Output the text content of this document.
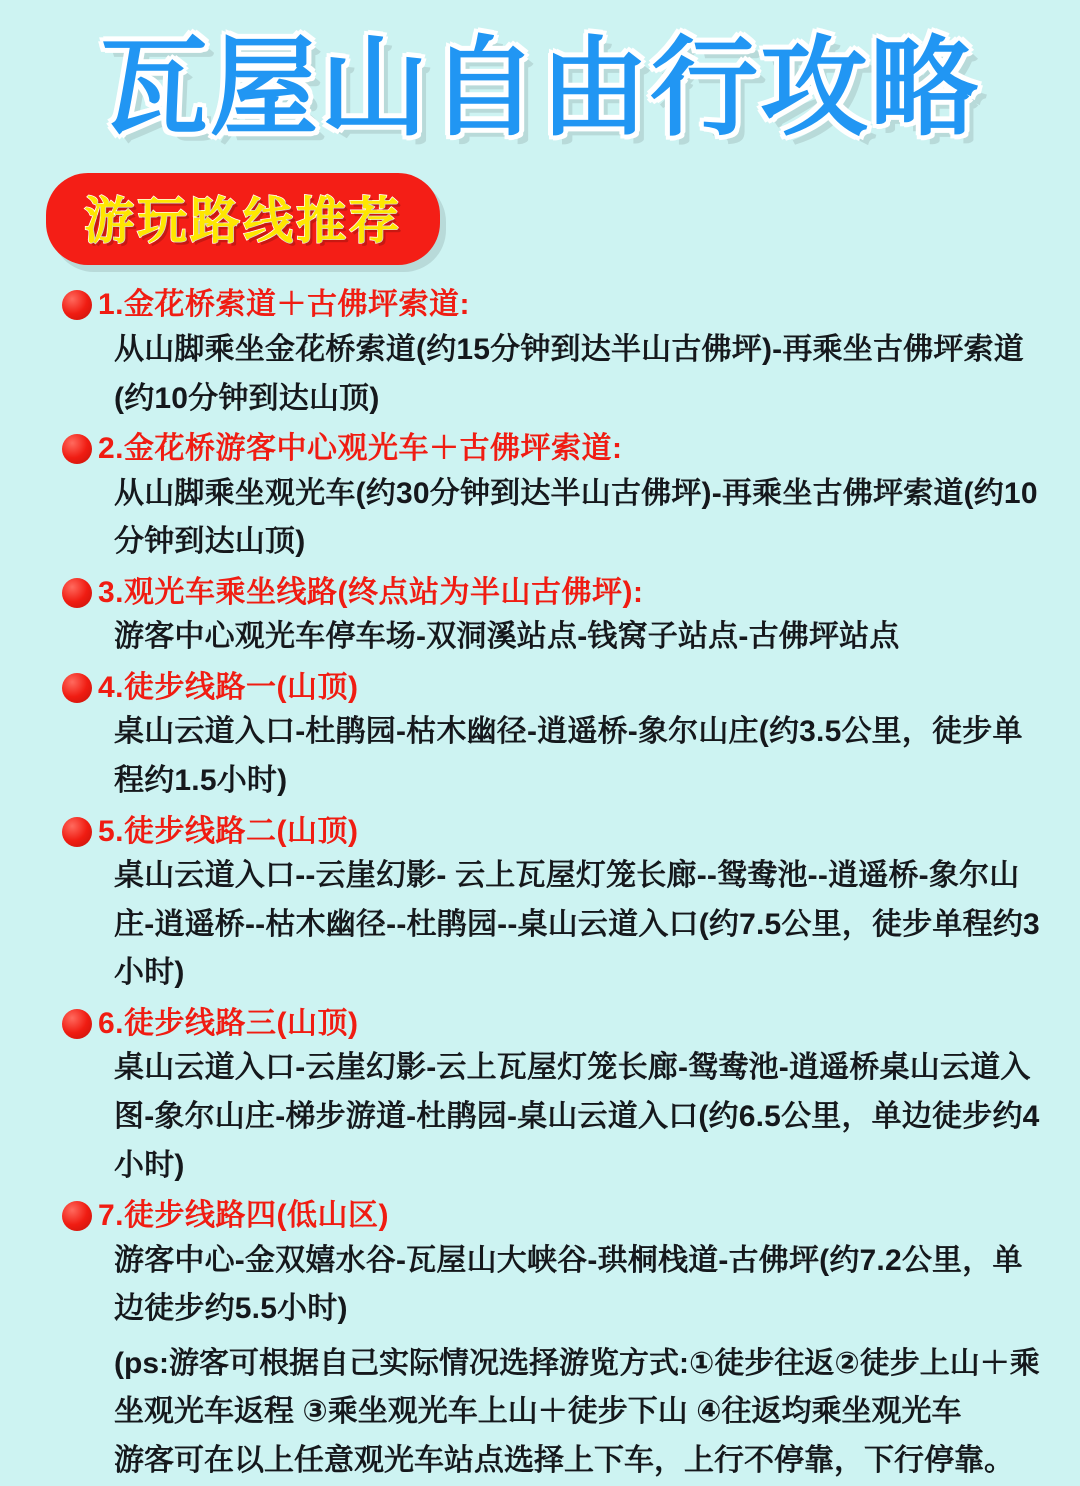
瓦屋山自由行攻略
游玩路线推荐
1.金花桥索道＋古佛坪索道:
从山脚乘坐金花桥索道(约15分钟到达半山古佛坪)-再乘坐古佛坪索道(约10分钟到达山顶)
2.金花桥游客中心观光车＋古佛坪索道:
从山脚乘坐观光车(约30分钟到达半山古佛坪)-再乘坐古佛坪索道(约10分钟到达山顶)
3.观光车乘坐线路(终点站为半山古佛坪):
游客中心观光车停车场-双洞溪站点-钱窝子站点-古佛坪站点
4.徒步线路一(山顶)
桌山云道入口-杜鹃园-枯木幽径-逍遥桥-象尔山庄(约3.5公里，徒步单程约1.5小时)
5.徒步线路二(山顶)
桌山云道入口--云崖幻影- 云上瓦屋灯笼长廊--鸳鸯池--逍遥桥-象尔山庄-逍遥桥--枯木幽径--杜鹃园--桌山云道入口(约7.5公里，徒步单程约3小时)
6.徒步线路三(山顶)
桌山云道入口-云崖幻影-云上瓦屋灯笼长廊-鸳鸯池-逍遥桥桌山云道入图-象尔山庄-梯步游道-杜鹃园-桌山云道入口(约6.5公里，单边徒步约4小时)
7.徒步线路四(低山区)
游客中心-金双嬉水谷-瓦屋山大峡谷-珙桐栈道-古佛坪(约7.2公里，单边徒步约5.5小时)
(ps:游客可根据自己实际情况选择游览方式:①徒步往返②徒步上山＋乘坐观光车返程 ③乘坐观光车上山＋徒步下山 ④往返均乘坐观光车
游客可在以上任意观光车站点选择上下车，上行不停靠，下行停靠。
